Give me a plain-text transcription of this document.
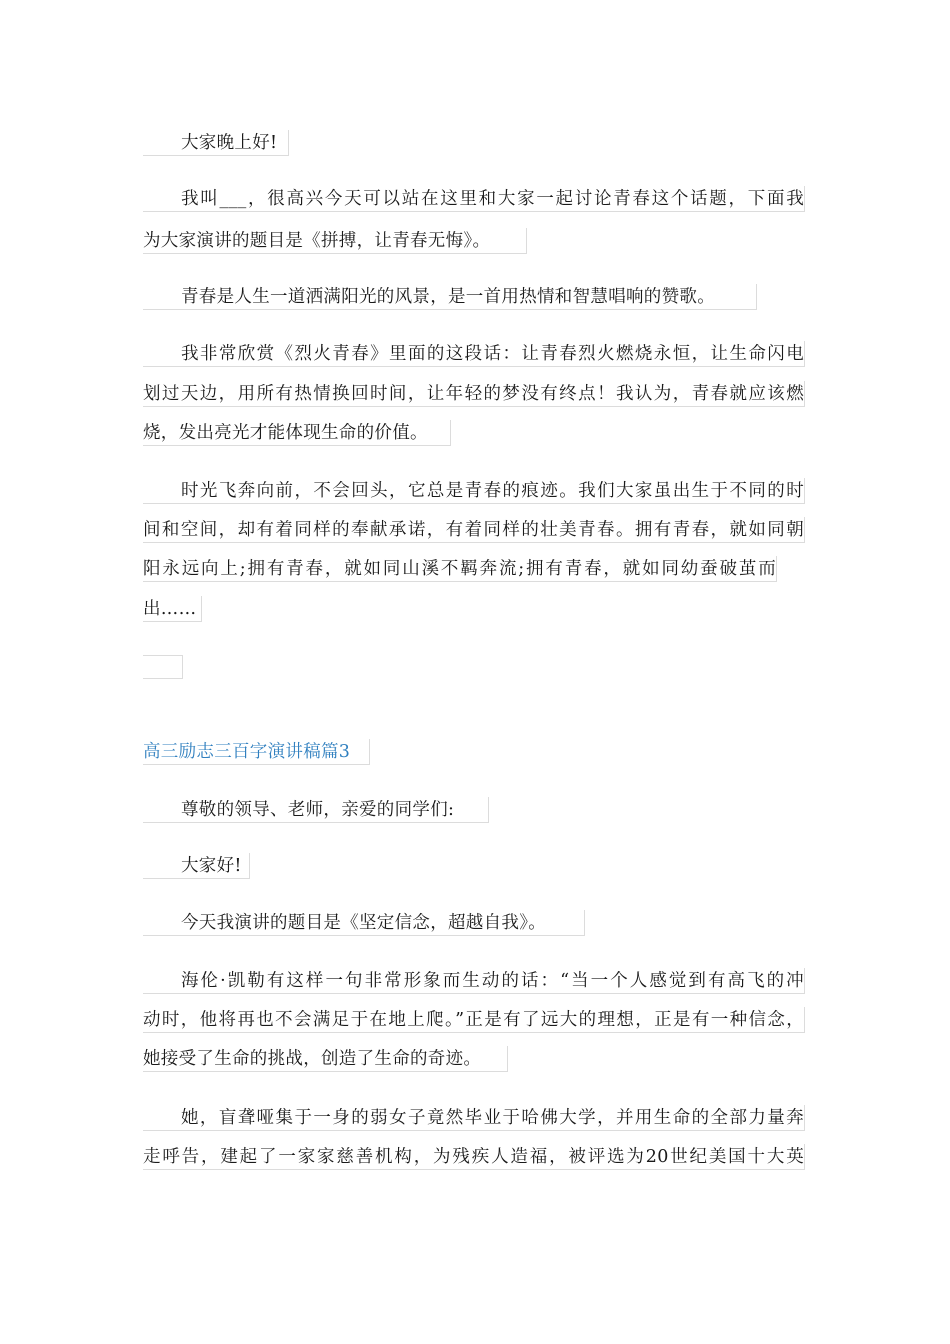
大家晚上好!
我叫___，很高兴今天可以站在这里和大家一起讨论青春这个话题，下面我
为大家演讲的题目是《拼搏，让青春无悔》。
青春是人生一道洒满阳光的风景，是一首用热情和智慧唱响的赞歌。
我非常欣赏《烈火青春》里面的这段话：让青春烈火燃烧永恒，让生命闪电
划过天边，用所有热情换回时间，让年轻的梦没有终点！我认为，青春就应该燃
烧，发出亮光才能体现生命的价值。
时光飞奔向前，不会回头，它总是青春的痕迹。我们大家虽出生于不同的时
间和空间，却有着同样的奉献承诺，有着同样的壮美青春。拥有青春，就如同朝
阳永远向上;拥有青春，就如同山溪不羁奔流;拥有青春，就如同幼蚕破茧而
出……
高三励志三百字演讲稿篇3
尊敬的领导、老师，亲爱的同学们:
大家好!
今天我演讲的题目是《坚定信念，超越自我》。
海伦·凯勒有这样一句非常形象而生动的话：“当一个人感觉到有高飞的冲
动时，他将再也不会满足于在地上爬。”正是有了远大的理想，正是有一种信念，
她接受了生命的挑战，创造了生命的奇迹。
她，盲聋哑集于一身的弱女子竟然毕业于哈佛大学，并用生命的全部力量奔
走呼告，建起了一家家慈善机构，为残疾人造福，被评选为20世纪美国十大英
